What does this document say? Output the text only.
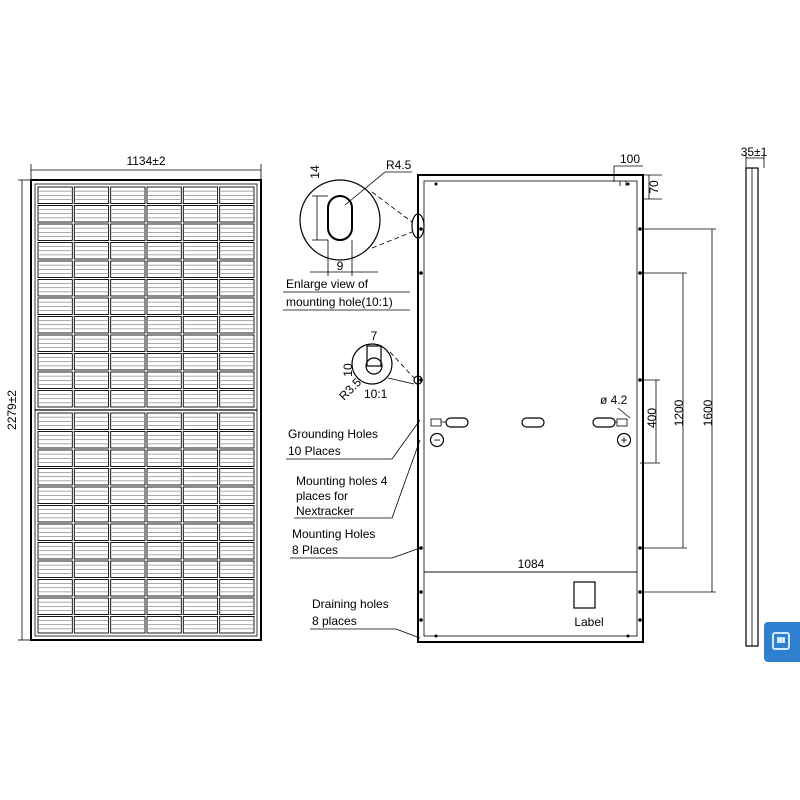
1134±2
2279±2
14	R4.5
9
Enlarge view of
mounting hole(10:1)
7
10
R3.5 10:1
100
70
−	+
ø 4.2
1084
Label
400 1200 1600
Grounding Holes
10 Places
Mounting holes 4
places for
Nextracker
Mounting Holes
8 Places
Draining holes
8 places
35±1
